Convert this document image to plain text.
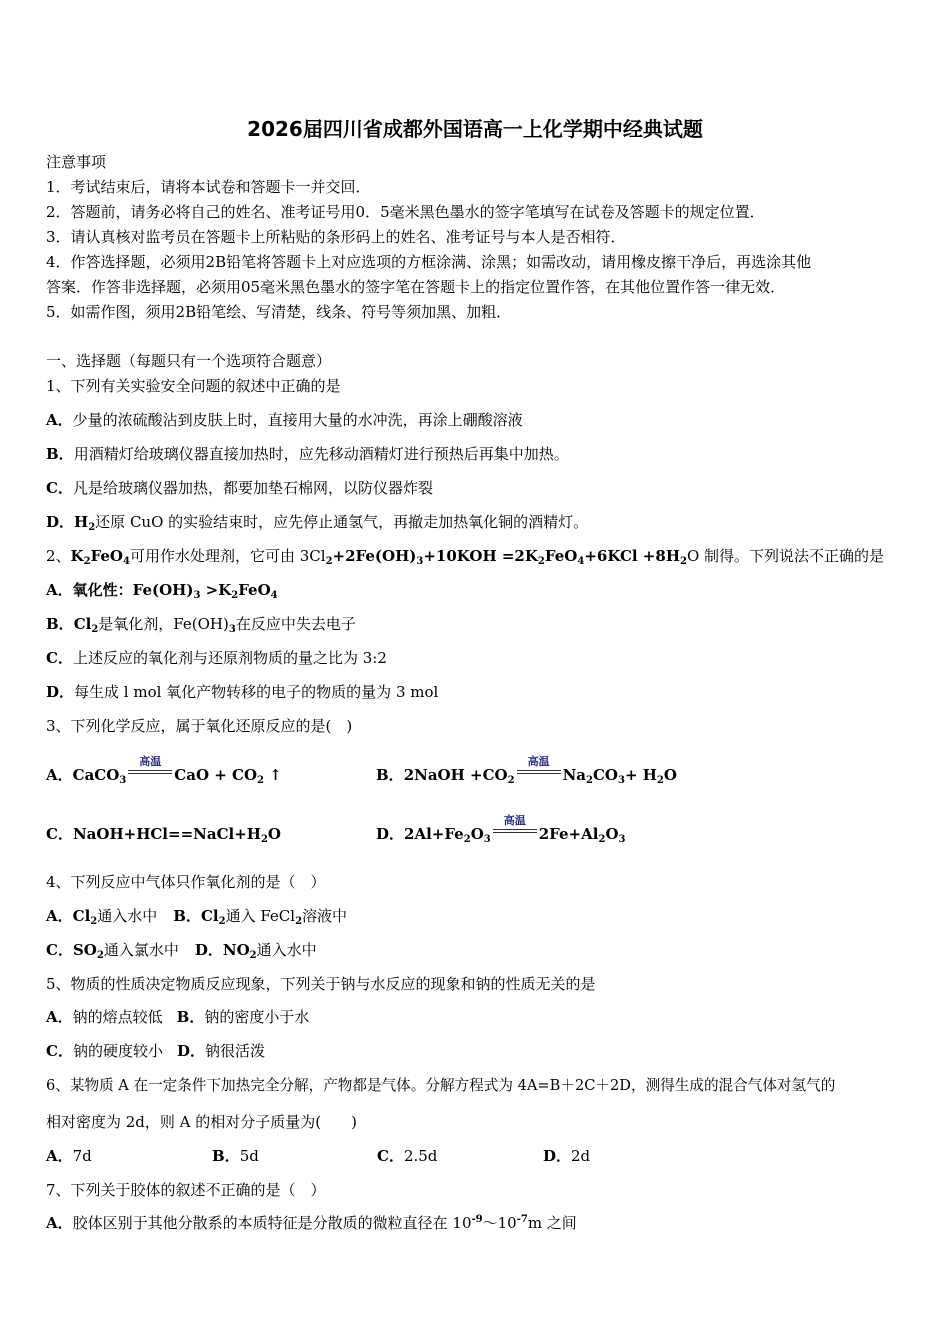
2026届四川省成都外国语高一上化学期中经典试题
注意事项
1．考试结束后，请将本试卷和答题卡一并交回．
2．答题前，请务必将自己的姓名、准考证号用0．5毫米黑色墨水的签字笔填写在试卷及答题卡的规定位置．
3．请认真核对监考员在答题卡上所粘贴的条形码上的姓名、准考证号与本人是否相符．
4．作答选择题，必须用2B铅笔将答题卡上对应选项的方框涂满、涂黑；如需改动，请用橡皮擦干净后，再选涂其他
答案．作答非选择题，必须用05毫米黑色墨水的签字笔在答题卡上的指定位置作答，在其他位置作答一律无效．
5．如需作图，须用2B铅笔绘、写清楚，线条、符号等须加黑、加粗．
一、选择题（每题只有一个选项符合题意）
1、下列有关实验安全问题的叙述中正确的是
A．少量的浓硫酸沾到皮肤上时，直接用大量的水冲洗，再涂上硼酸溶液
B．用酒精灯给玻璃仪器直接加热时，应先移动酒精灯进行预热后再集中加热。
C．凡是给玻璃仪器加热，都要加垫石棉网，以防仪器炸裂
D．$H_2$还原 CuO 的实验结束时，应先停止通氢气，再撤走加热氧化铜的酒精灯。
2、$K_2FeO_4$可用作水处理剂，它可由 $3Cl_2+2Fe(OH)_3+10KOH =2K_2FeO_4+6KCl +8H_2O$ 制得。下列说法不正确的是
A．氧化性：$Fe(OH)_3 >K_2FeO_4$
B．$Cl_2$是氧化剂，$Fe(OH)_3$在反应中失去电子
C．上述反应的氧化剂与还原剂物质的量之比为 3:2
D．每生成 l mol 氧化产物转移的电子的物质的量为 3 mol
3、下列化学反应，属于氧化还原反应的是(　)
A．CaCO$_3$
高温
CaO + $CO_2$ ↑	B．2NaOH $+CO_2$
高温
$Na_2CO_3+ H_2O$
C．$NaOH+HCl==NaCl+H_2O$	D．$2Al+Fe_2O_3$
高温
$2Fe+Al_2O_3$
4、下列反应中气体只作氧化剂的是（　）
A．$Cl_2$通入水中 B．$Cl_2$通入 FeCl$_2$溶液中
C．$SO_2$通入氯水中 D．$NO_2$通入水中
5、物质的性质决定物质反应现象，下列关于钠与水反应的现象和钠的性质无关的是
A．钠的熔点较低 B．钠的密度小于水
C．钠的硬度较小 D．钠很活泼
6、某物质 A 在一定条件下加热完全分解，产物都是气体。分解方程式为 4A=B＋2C＋2D，测得生成的混合气体对氢气的
相对密度为 2d，则 A 的相对分子质量为(　　)
A．7d	B．5d	C．2.5d	D．2d
7、下列关于胶体的叙述不正确的是（　）
A．胶体区别于其他分散系的本质特征是分散质的微粒直径在 $10^{-9}\sim 10^{-7}m$ 之间
